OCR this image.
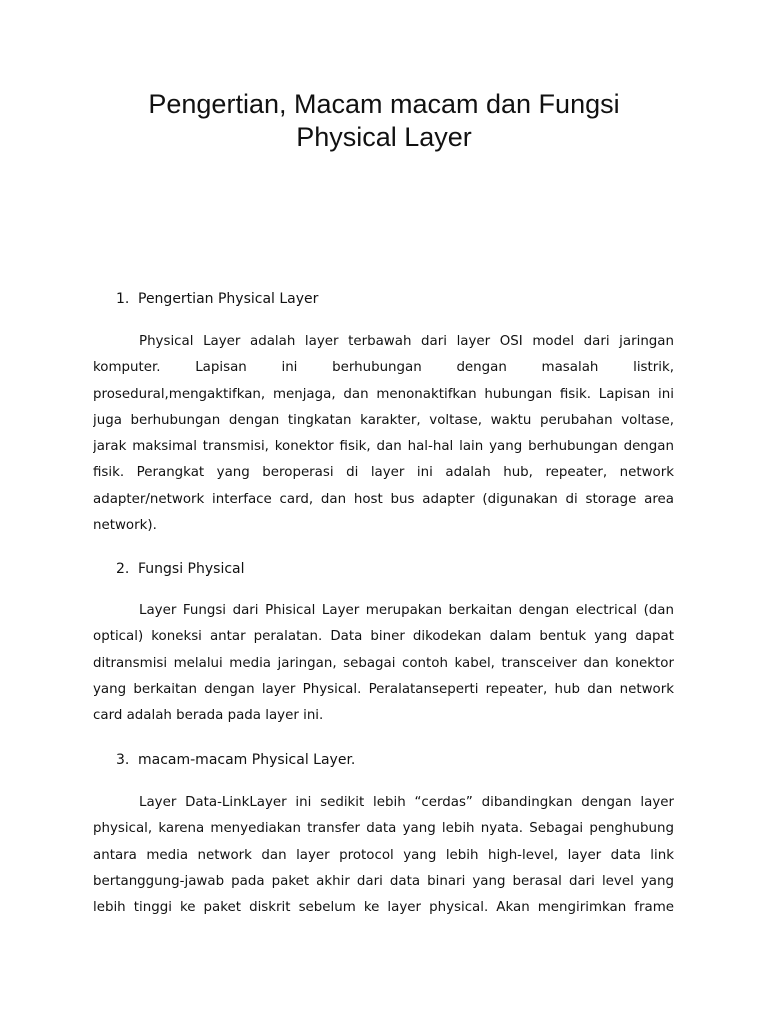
Pengertian, Macam macam dan Fungsi
Physical Layer
1. Pengertian Physical Layer
Physical Layer adalah layer terbawah dari layer OSI model dari jaringan
komputer.	Lapisan	ini	berhubungan	dengan	masalah	listrik,
prosedural,mengaktifkan, menjaga, dan menonaktifkan hubungan fisik. Lapisan ini
juga berhubungan dengan tingkatan karakter, voltase, waktu perubahan voltase,
jarak maksimal transmisi, konektor fisik, dan hal-hal lain yang berhubungan dengan
fisik. Perangkat yang beroperasi di layer ini adalah hub, repeater, network
adapter/network interface card, dan host bus adapter (digunakan di storage area
network).
2. Fungsi Physical
Layer Fungsi dari Phisical Layer merupakan berkaitan dengan electrical (dan
optical) koneksi antar peralatan. Data biner dikodekan dalam bentuk yang dapat
ditransmisi melalui media jaringan, sebagai contoh kabel, transceiver dan konektor
yang berkaitan dengan layer Physical. Peralatanseperti repeater, hub dan network
card adalah berada pada layer ini.
3. macam-macam Physical Layer.
Layer Data-LinkLayer ini sedikit lebih “cerdas” dibandingkan dengan layer
physical, karena menyediakan transfer data yang lebih nyata. Sebagai penghubung
antara media network dan layer protocol yang lebih high-level, layer data link
bertanggung-jawab pada paket akhir dari data binari yang berasal dari level yang
lebih tinggi ke paket diskrit sebelum ke layer physical. Akan mengirimkan frame
